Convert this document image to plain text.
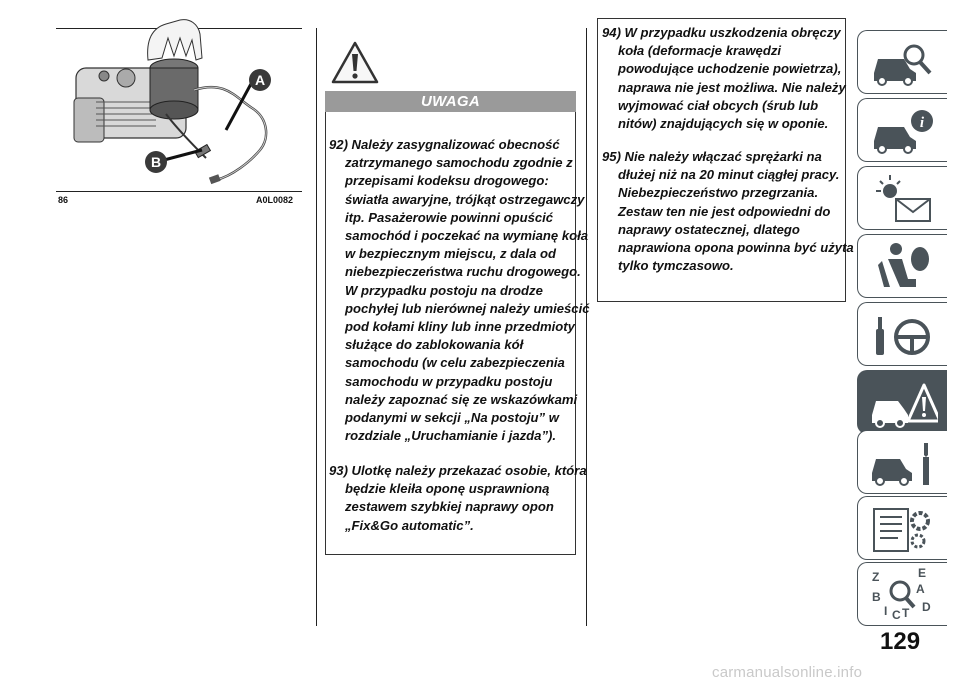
A
B
86	A0L0082
UWAGA
92) Należy zasygnalizować obecność zatrzymanego samochodu zgodnie z przepisami kodeksu drogowego: światła awaryjne, trójkąt ostrzegawczy itp. Pasażerowie powinni opuścić samochód i poczekać na wymianę koła w bezpiecznym miejscu, z dala od niebezpieczeństwa ruchu drogowego. W przypadku postoju na drodze pochyłej lub nierównej należy umieścić pod kołami kliny lub inne przedmioty służące do zablokowania kół samochodu (w celu zabezpieczenia samochodu w przypadku postoju należy zapoznać się ze wskazówkami podanymi w sekcji „Na postoju” w rozdziale „Uruchamianie i jazda”).
93) Ulotkę należy przekazać osobie, która będzie kleiła oponę usprawnioną zestawem szybkiej naprawy opon „Fix&Go automatic”.
94) W przypadku uszkodzenia obręczy koła (deformacje krawędzi powodujące uchodzenie powietrza), naprawa nie jest możliwa. Nie należy wyjmować ciał obcych (śrub lub nitów) znajdujących się w oponie.
95) Nie należy włączać sprężarki na dłużej niż na 20 minut ciągłej pracy. Niebezpieczeństwo przegrzania. Zestaw ten nie jest odpowiedni do naprawy ostatecznej, dlatego naprawiona opona powinna być użyta tylko tymczasowo.
i
Z	E
B
A
I C T D
129
carmanualsonline.info
